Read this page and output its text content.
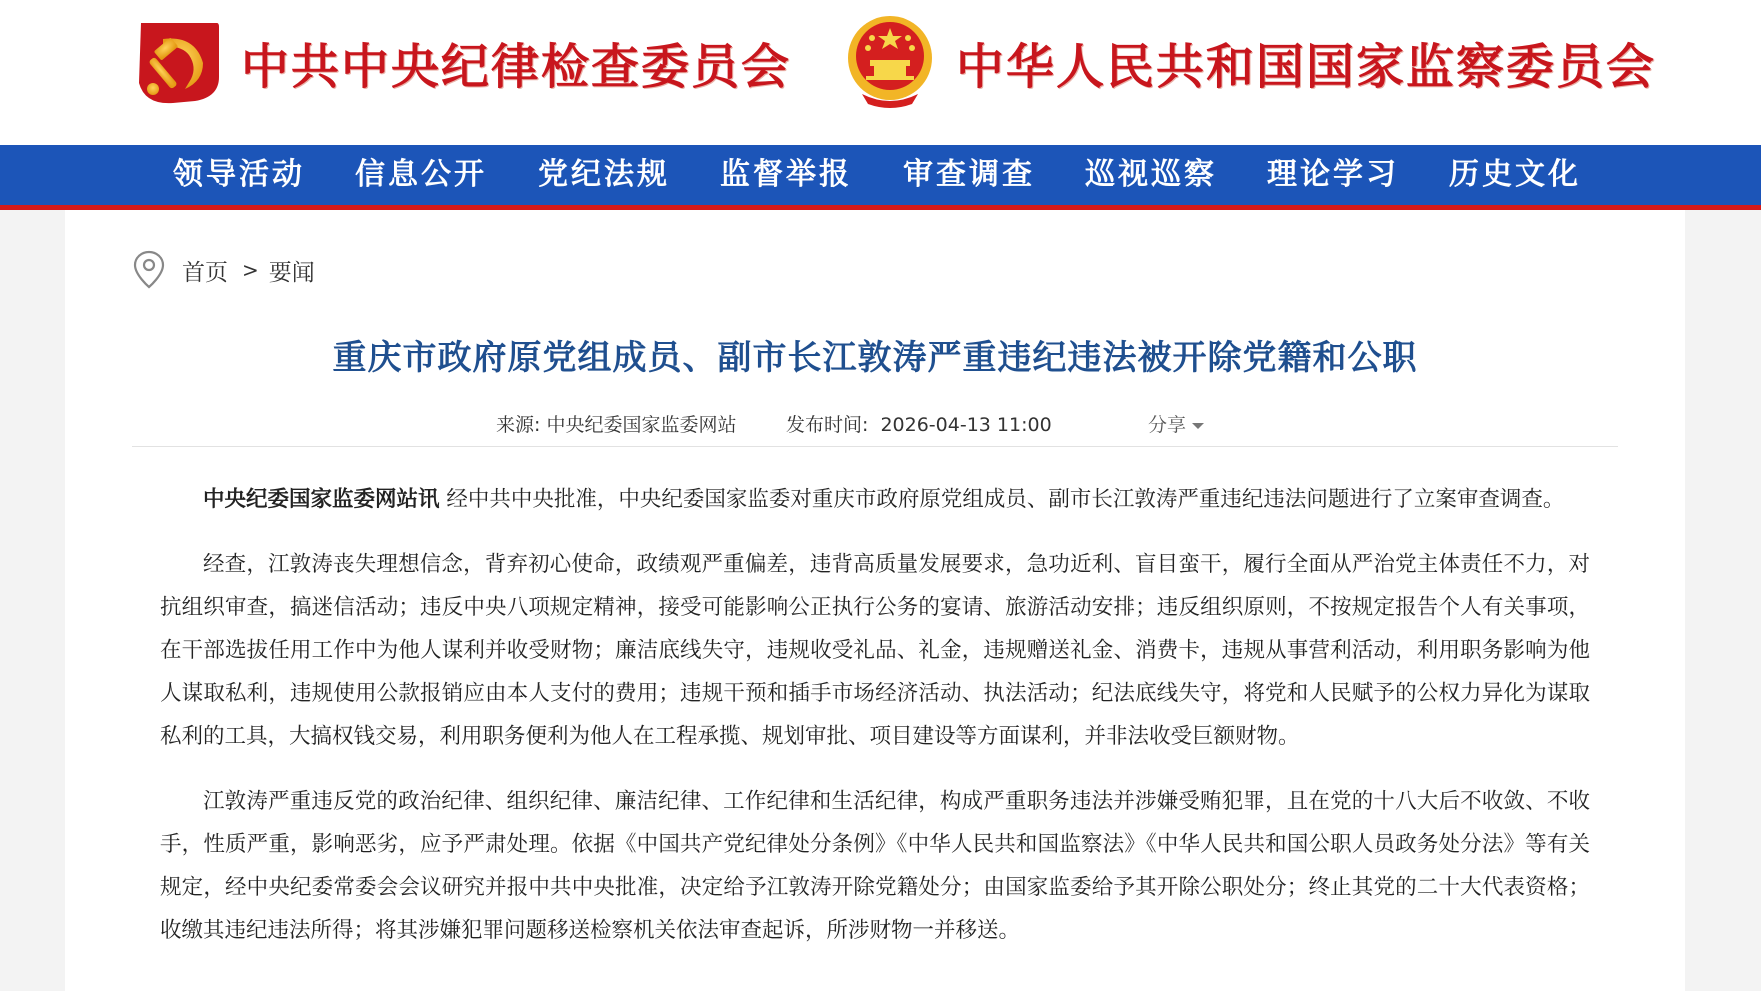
中共中央纪律检查委员会	中华人民共和国国家监察委员会
领导活动 信息公开 党纪法规 监督举报 审查调查 巡视巡察 理论学习 历史文化
首页 > 要闻
重庆市政府原党组成员、副市长江敦涛严重违纪违法被开除党籍和公职
来源: 中央纪委国家监委网站	发布时间: 2026-04-13 11:00	分享

中央纪委国家监委网站讯 经中共中央批准，中央纪委国家监委对重庆市政府原党组成员、副市长江敦涛严重违纪违法问题进行了立案审查调查。

经查，江敦涛丧失理想信念，背弃初心使命，政绩观严重偏差，违背高质量发展要求，急功近利、盲目蛮干，履行全面从严治党主体责任不力，对抗组织审查，搞迷信活动；违反中央八项规定精神，接受可能影响公正执行公务的宴请、旅游活动安排；违反组织原则，不按规定报告个人有关事项，在干部选拔任用工作中为他人谋利并收受财物；廉洁底线失守，违规收受礼品、礼金，违规赠送礼金、消费卡，违规从事营利活动，利用职务影响为他人谋取私利，违规使用公款报销应由本人支付的费用；违规干预和插手市场经济活动、执法活动；纪法底线失守，将党和人民赋予的公权力异化为谋取私利的工具，大搞权钱交易，利用职务便利为他人在工程承揽、规划审批、项目建设等方面谋利，并非法收受巨额财物。

江敦涛严重违反党的政治纪律、组织纪律、廉洁纪律、工作纪律和生活纪律，构成严重职务违法并涉嫌受贿犯罪，且在党的十八大后不收敛、不收手，性质严重，影响恶劣，应予严肃处理。依据《中国共产党纪律处分条例》《中华人民共和国监察法》《中华人民共和国公职人员政务处分法》等有关规定，经中央纪委常委会会议研究并报中共中央批准，决定给予江敦涛开除党籍处分；由国家监委给予其开除公职处分；终止其党的二十大代表资格；收缴其违纪违法所得；将其涉嫌犯罪问题移送检察机关依法审查起诉，所涉财物一并移送。
